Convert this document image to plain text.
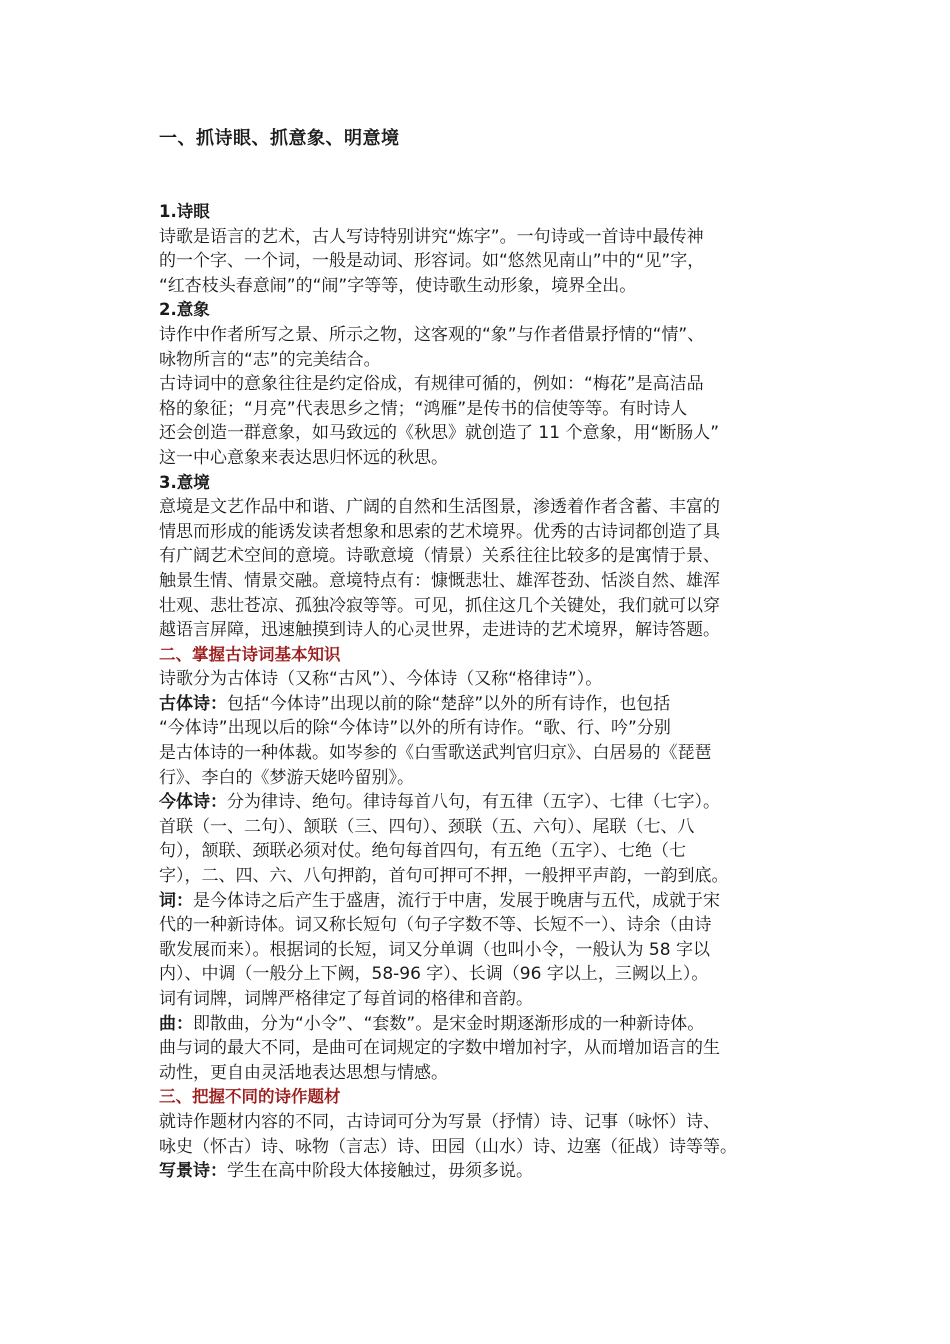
一、抓诗眼、抓意象、明意境
1.诗眼
诗歌是语言的艺术，古人写诗特别讲究“炼字”。一句诗或一首诗中最传神
的一个字、一个词，一般是动词、形容词。如“悠然见南山”中的“见”字，
“红杏枝头春意闹”的“闹”字等等，使诗歌生动形象，境界全出。
2.意象
诗作中作者所写之景、所示之物，这客观的“象”与作者借景抒情的“情”、
咏物所言的“志”的完美结合。
古诗词中的意象往往是约定俗成，有规律可循的，例如：“梅花”是高洁品
格的象征；“月亮”代表思乡之情；“鸿雁”是传书的信使等等。有时诗人
还会创造一群意象，如马致远的《秋思》就创造了 11 个意象，用“断肠人”
这一中心意象来表达思归怀远的秋思。
3.意境
意境是文艺作品中和谐、广阔的自然和生活图景，渗透着作者含蓄、丰富的
情思而形成的能诱发读者想象和思索的艺术境界。优秀的古诗词都创造了具
有广阔艺术空间的意境。诗歌意境（情景）关系往往比较多的是寓情于景、
触景生情、情景交融。意境特点有：慷慨悲壮、雄浑苍劲、恬淡自然、雄浑
壮观、悲壮苍凉、孤独冷寂等等。可见，抓住这几个关键处，我们就可以穿
越语言屏障，迅速触摸到诗人的心灵世界，走进诗的艺术境界，解诗答题。
二、掌握古诗词基本知识
诗歌分为古体诗（又称“古风”）、今体诗（又称“格律诗”）。
古体诗：包括“今体诗”出现以前的除“楚辞”以外的所有诗作，也包括
“今体诗”出现以后的除“今体诗”以外的所有诗作。“歌、行、吟”分别
是古体诗的一种体裁。如岑参的《白雪歌送武判官归京》、白居易的《琵琶
行》、李白的《梦游天姥吟留别》。
今体诗：分为律诗、绝句。律诗每首八句，有五律（五字）、七律（七字）。
首联（一、二句）、颔联（三、四句）、颈联（五、六句）、尾联（七、八
句），颔联、颈联必须对仗。绝句每首四句，有五绝（五字）、七绝（七
字），二、四、六、八句押韵，首句可押可不押，一般押平声韵，一韵到底。
词：是今体诗之后产生于盛唐，流行于中唐，发展于晚唐与五代，成就于宋
代的一种新诗体。词又称长短句（句子字数不等、长短不一）、诗余（由诗
歌发展而来）。根据词的长短，词又分单调（也叫小令，一般认为 58 字以
内）、中调（一般分上下阙，58-96 字）、长调（96 字以上，三阙以上）。
词有词牌，词牌严格律定了每首词的格律和音韵。
曲：即散曲，分为“小令”、“套数”。是宋金时期逐渐形成的一种新诗体。
曲与词的最大不同，是曲可在词规定的字数中增加衬字，从而增加语言的生
动性，更自由灵活地表达思想与情感。
三、把握不同的诗作题材
就诗作题材内容的不同，古诗词可分为写景（抒情）诗、记事（咏怀）诗、
咏史（怀古）诗、咏物（言志）诗、田园（山水）诗、边塞（征战）诗等等。
写景诗：学生在高中阶段大体接触过，毋须多说。
